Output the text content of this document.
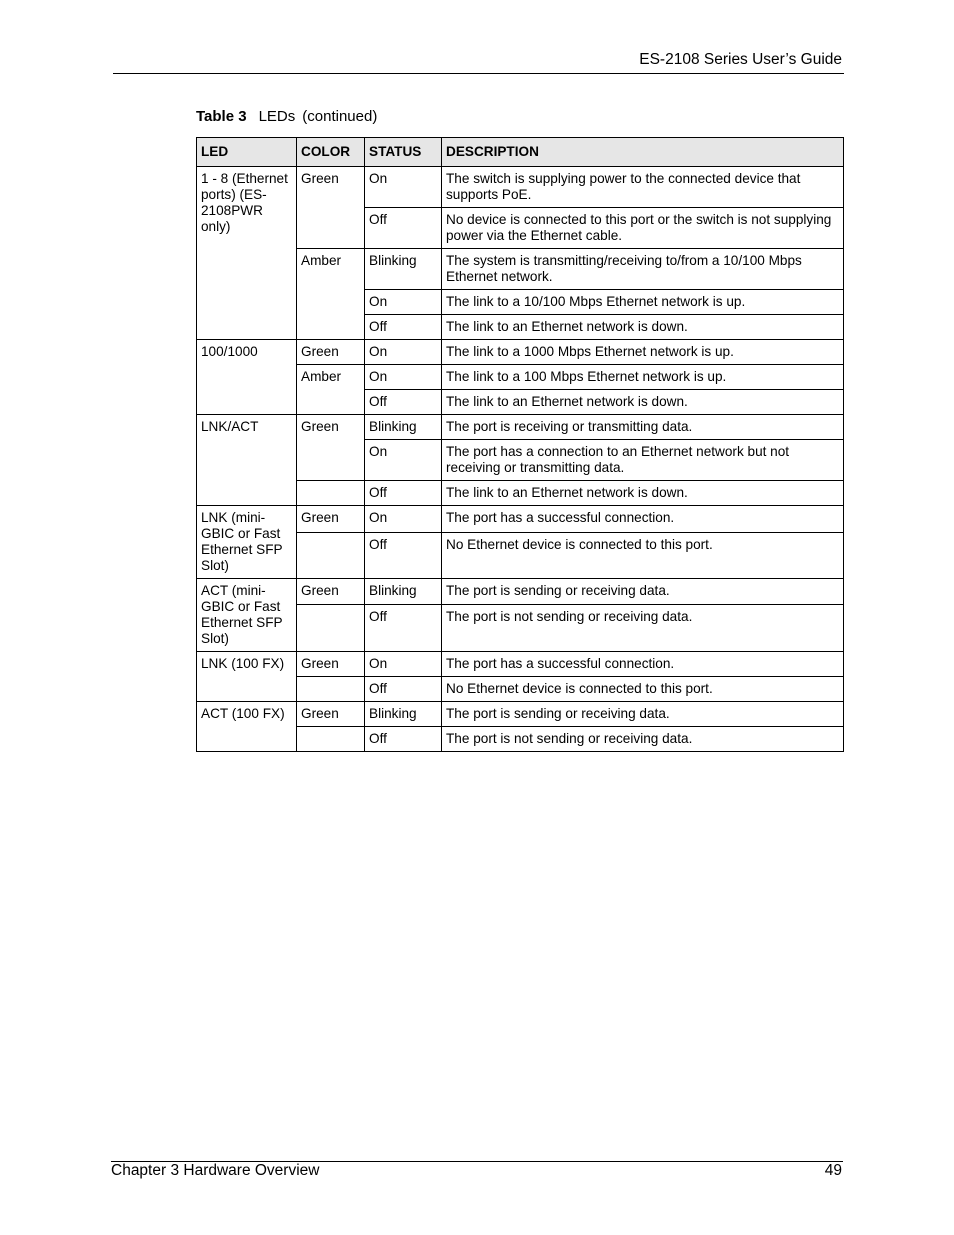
ES-2108 Series User’s Guide
Table 3 LEDs (continued)
LED	COLOR	STATUS	DESCRIPTION
1 - 8 (Ethernet ports) (ES-2108PWR only)	Green	On	The switch is supplying power to the connected device that supports PoE.
		Off	No device is connected to this port or the switch is not supplying power via the Ethernet cable.
	Amber	Blinking	The system is transmitting/receiving to/from a 10/100 Mbps Ethernet network.
		On	The link to a 10/100 Mbps Ethernet network is up.
		Off	The link to an Ethernet network is down.
100/1000	Green	On	The link to a 1000 Mbps Ethernet network is up.
	Amber	On	The link to a 100 Mbps Ethernet network is up.
		Off	The link to an Ethernet network is down.
LNK/ACT	Green	Blinking	The port is receiving or transmitting data.
		On	The port has a connection to an Ethernet network but not receiving or transmitting data.
		Off	The link to an Ethernet network is down.
LNK (mini-GBIC or Fast Ethernet SFP Slot)	Green	On	The port has a successful connection.
		Off	No Ethernet device is connected to this port.
ACT (mini-GBIC or Fast Ethernet SFP Slot)	Green	Blinking	The port is sending or receiving data.
		Off	The port is not sending or receiving data.
LNK (100 FX)	Green	On	The port has a successful connection.
		Off	No Ethernet device is connected to this port.
ACT (100 FX)	Green	Blinking	The port is sending or receiving data.
		Off	The port is not sending or receiving data.
Chapter 3 Hardware Overview	49
